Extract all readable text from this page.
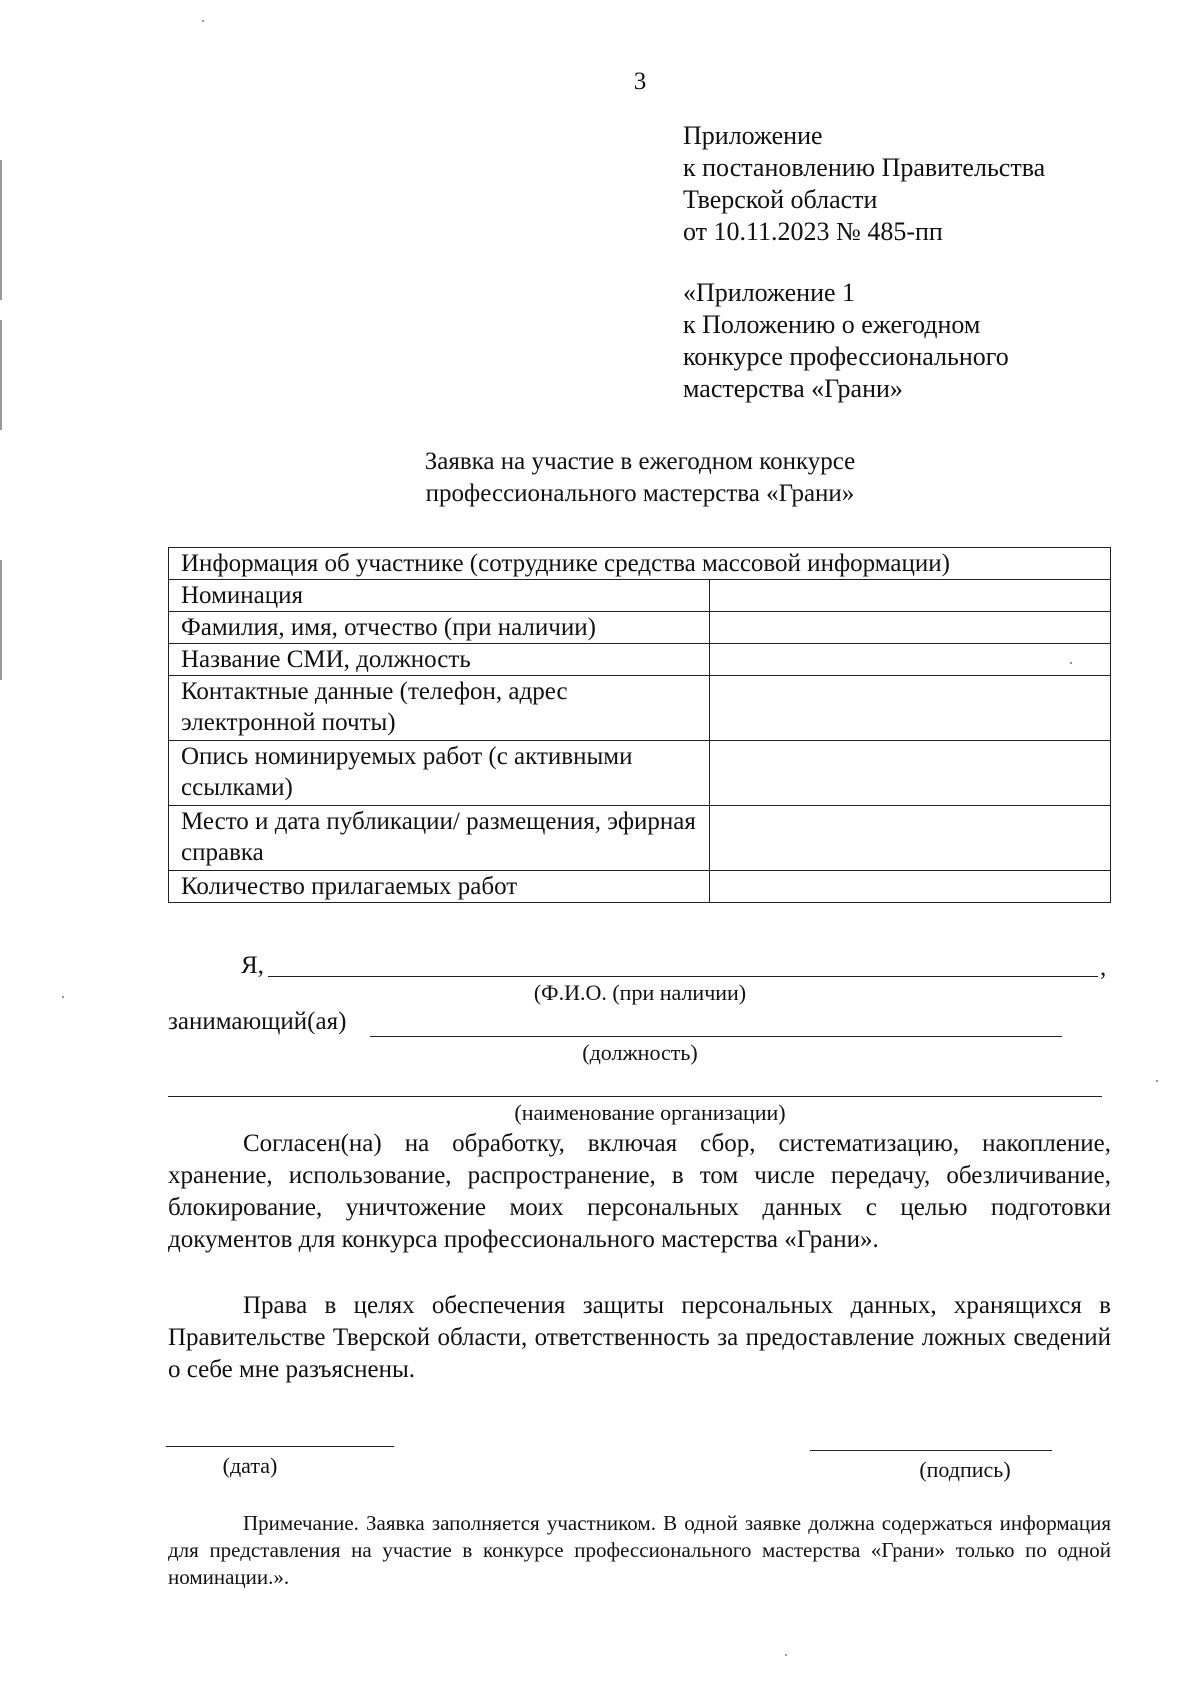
3
Приложение
к постановлению Правительства
Тверской области
от 10.11.2023 № 485-пп
«Приложение 1
к Положению о ежегодном
конкурсе профессионального
мастерства «Грани»
Заявка на участие в ежегодном конкурсе
профессионального мастерства «Грани»
Информация об участнике (сотруднике средства массовой информации)	
Номинация	
Фамилия, имя, отчество (при наличии)	
Название СМИ, должность	
Контактные данные (телефон, адрес электронной почты)	
Опись номинируемых работ (с активными ссылками)	
Место и дата публикации/ размещения, эфирная справка	
Количество прилагаемых работ	
Я,	,
(Ф.И.О. (при наличии)
занимающий(ая)
(должность)
(наименование организации)
Согласен(на) на обработку, включая сбор, систематизацию, накопление, хранение, использование, распространение, в том числе передачу, обезличивание, блокирование, уничтожение моих персональных данных с целью подготовки документов для конкурса профессионального мастерства «Грани».
Права в целях обеспечения защиты персональных данных, хранящихся в Правительстве Тверской области, ответственность за предоставление ложных сведений о себе мне разъяснены.
(дата)	(подпись)
Примечание. Заявка заполняется участником. В одной заявке должна содержаться информация для представления на участие в конкурсе профессионального мастерства «Грани» только по одной номинации.».
